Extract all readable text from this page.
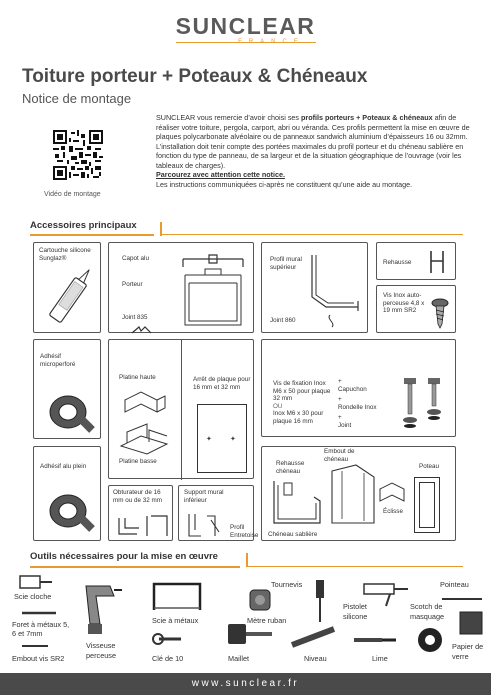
SUNCLEAR
Toiture porteur + Poteaux & Chéneaux
Notice de montage
Vidéo de montage
SUNCLEAR vous remercie d’avoir choisi ses profils porteurs + Poteaux & chéneaux afin de réaliser votre toiture, pergola, carport, abri ou véranda. Ces profils permettent la mise en œuvre de plaques polycarbonate alvéolaire ou de panneaux sandwich aluminium d’épaisseurs 16 ou 32mm.
L’installation doit tenir compte des portées maximales du profil porteur et du chéneau sablière en fonction du type de panneau, de sa largeur et de la situation géographique de l’ouvrage (voir les tableaux de charges).
Parcourez avec attention cette notice.
Les instructions communiquées ci-après ne constituent qu’une aide au montage.
Accessoires principaux
Cartouche silicone Sunglaz®	Capot alu
Porteur
Joint 835
Profil mural supérieur
Joint 860
Rehausse
Vis Inox auto-perceuse 4,8 x 19 mm SR2
Adhésif microperforé
Platine haute
Platine basse
Arrêt de plaque pour 16 mm et 32 mm
✦	✦
Vis de fixation Inox M6 x 50 pour plaque 32 mm
OU
Inox M6 x 30 pour plaque 16 mm
+
Capuchon
+
Rondelle Inox
+
Joint
Adhésif alu plein
Obturateur de 16 mm ou de 32 mm
Support mural inférieur
Profil Entretoise
Rehausse chéneau
Embout de chéneau
Poteau
Éclisse
Chéneau sablière
Outils nécessaires pour la mise en œuvre
Scie cloche
Foret à métaux 5, 6 et 7mm
Embout vis SR2
Visseuse perceuse
Scie à métaux
Clé de 10
Tournevis
Mètre ruban
Maillet
Pistolet silicone
Niveau	Lime
Pointeau
Scotch de masquage
Papier de verre
www.sunclear.fr
